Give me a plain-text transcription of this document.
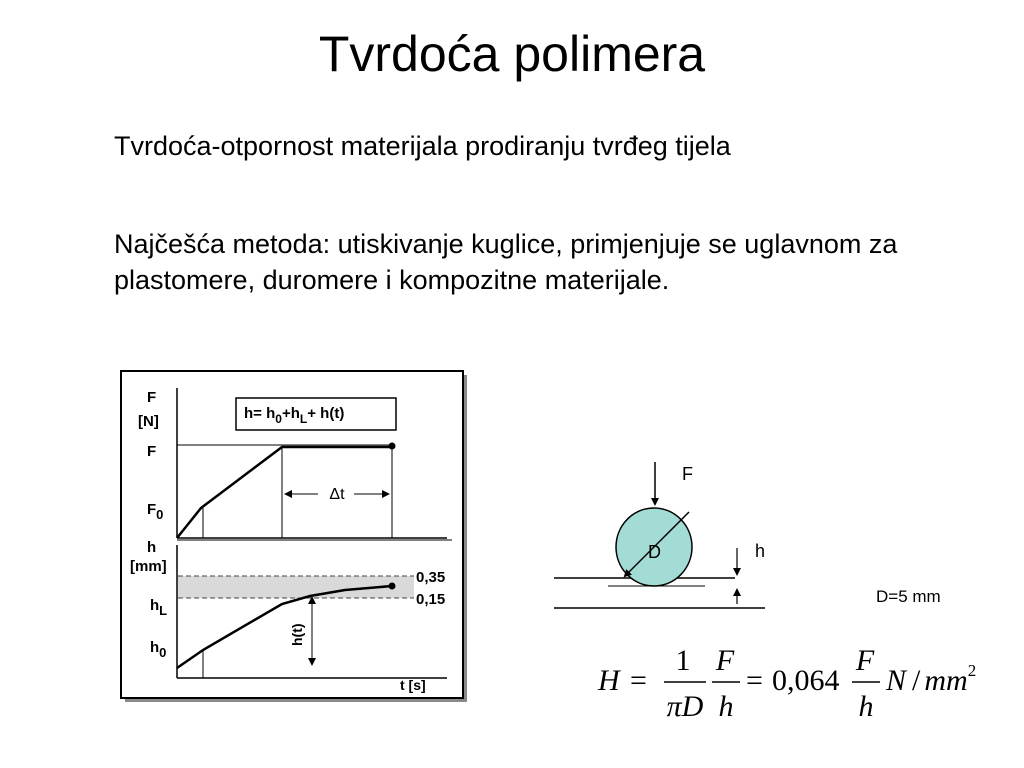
Tvrdoća polimera
Tvrdoća-otpornost materijala prodiranju tvrđeg tijela
Najčešća metoda: utiskivanje kuglice, primjenjuje se uglavnom za plastomere, duromere i kompozitne materijale.
Δt
$h= h_0+h_L+ h(t)$
F
[N]
F
F0
h(t)
0,35
0,15
h
[mm]
hL
h0
t [s]
F
D	h
D=5 mm
H =
1
πD
F
h
= 0,064
F
h
N / $mm^2$
